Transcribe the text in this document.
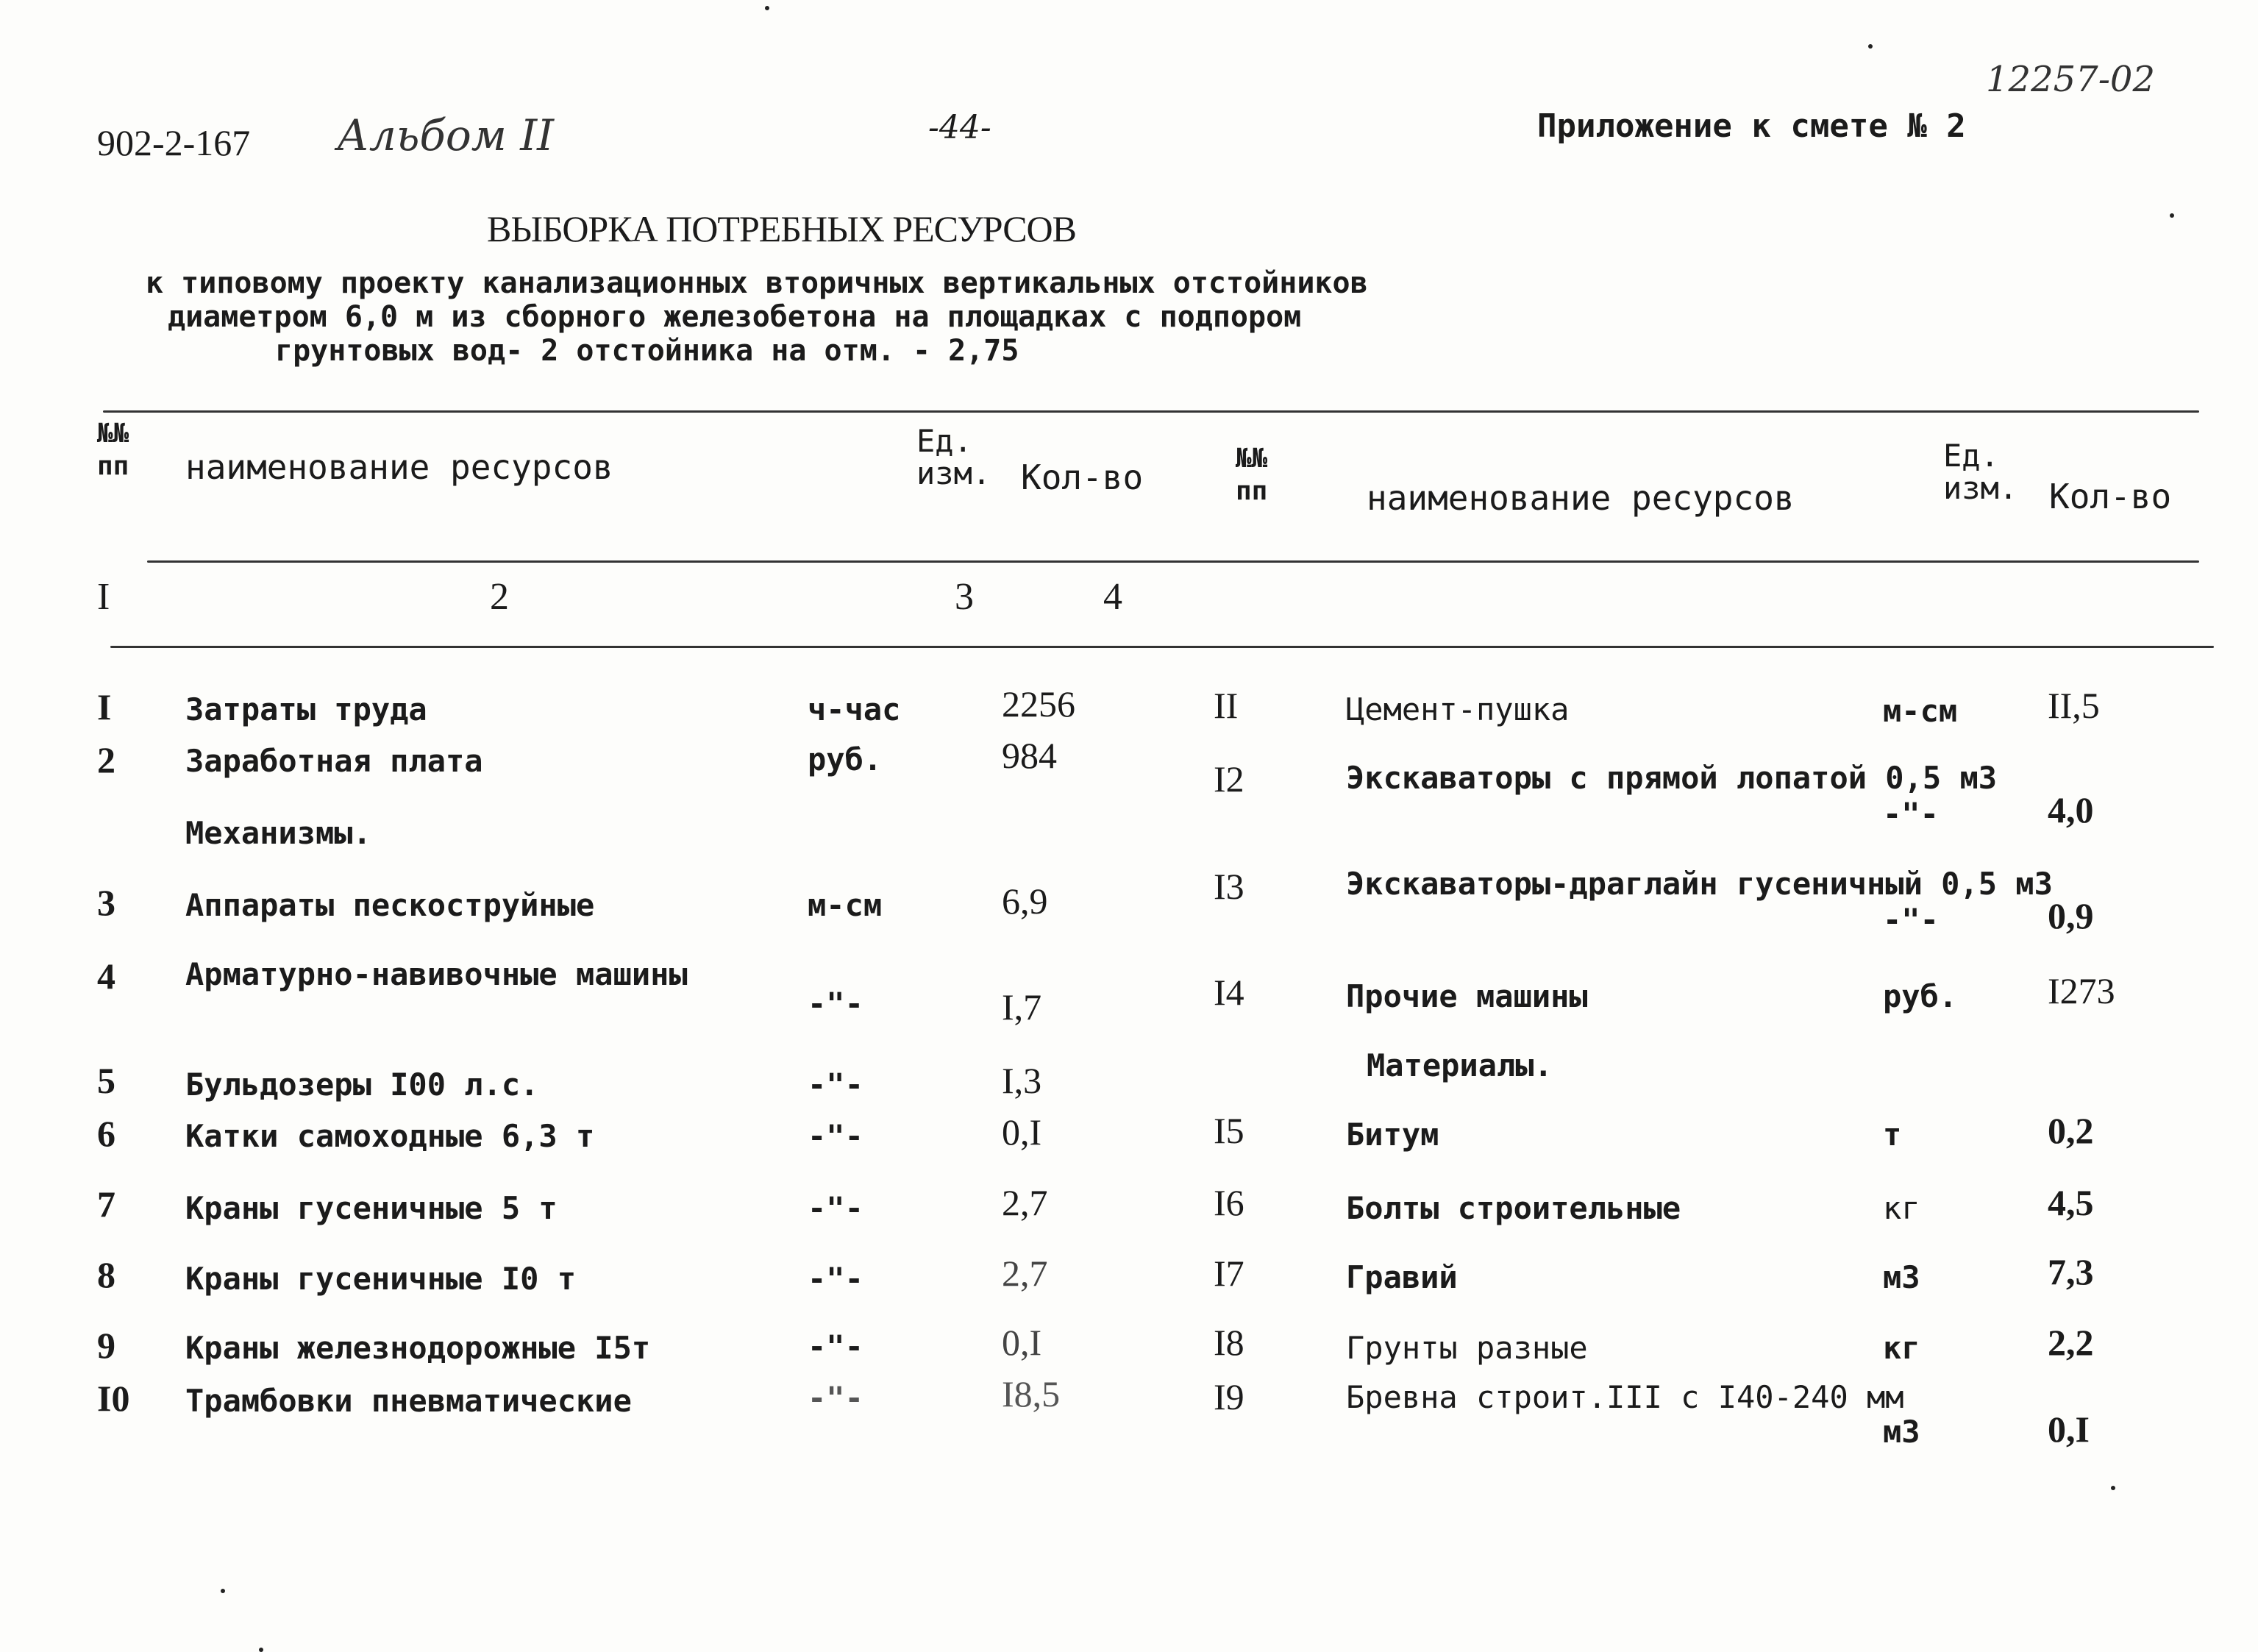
902-2-167 Альбом II	-44-	Приложение к смете № 2
12257-02
ВЫБОРКА ПОТРЕБНЫХ РЕСУРСОВ
к типовому проекту канализационных вторичных вертикальных отстойников
диаметром 6,0 м из сборного железобетона на площадках с подпором
грунтовых вод- 2 отстойника на отм. - 2,75
№№
пп наименование ресурсов
Ед.
изм. Кол-во	№№
пп	наименование ресурсов
Ед.
изм. Кол-во
I	2	3	4
I Затраты труда	ч-час	2256
2 Заработная плата	руб.	984
Механизмы.
3 Аппараты пескоструйные	м-см	6,9
4 Арматурно-навивочные машины
-"-	I,7
5 Бульдозеры I00 л.с.	-"-	I,3
6 Катки самоходные 6,3 т	-"-	0,I
7 Краны гусеничные 5 т	-"-	2,7
8 Краны гусеничные I0 т	-"-	2,7
9 Краны железнодорожные I5т	-"-	0,I
I0 Трамбовки пневматические	-"-	I8,5
II	Цемент-пушка	м-см II,5
I2	Экскаваторы с прямой лопатой 0,5 м3
-"-	4,0
I3	Экскаваторы-драглайн гусеничный 0,5 м3
-"-	0,9
I4	Прочие машины	руб. I273
Материалы.
I5	Битум	т	0,2
I6	Болты строительные	кг	4,5
I7	Гравий	м3	7,3
I8	Грунты разные	кг	2,2
I9	Бревна строит.III с I40-240 мм
м3	0,I
